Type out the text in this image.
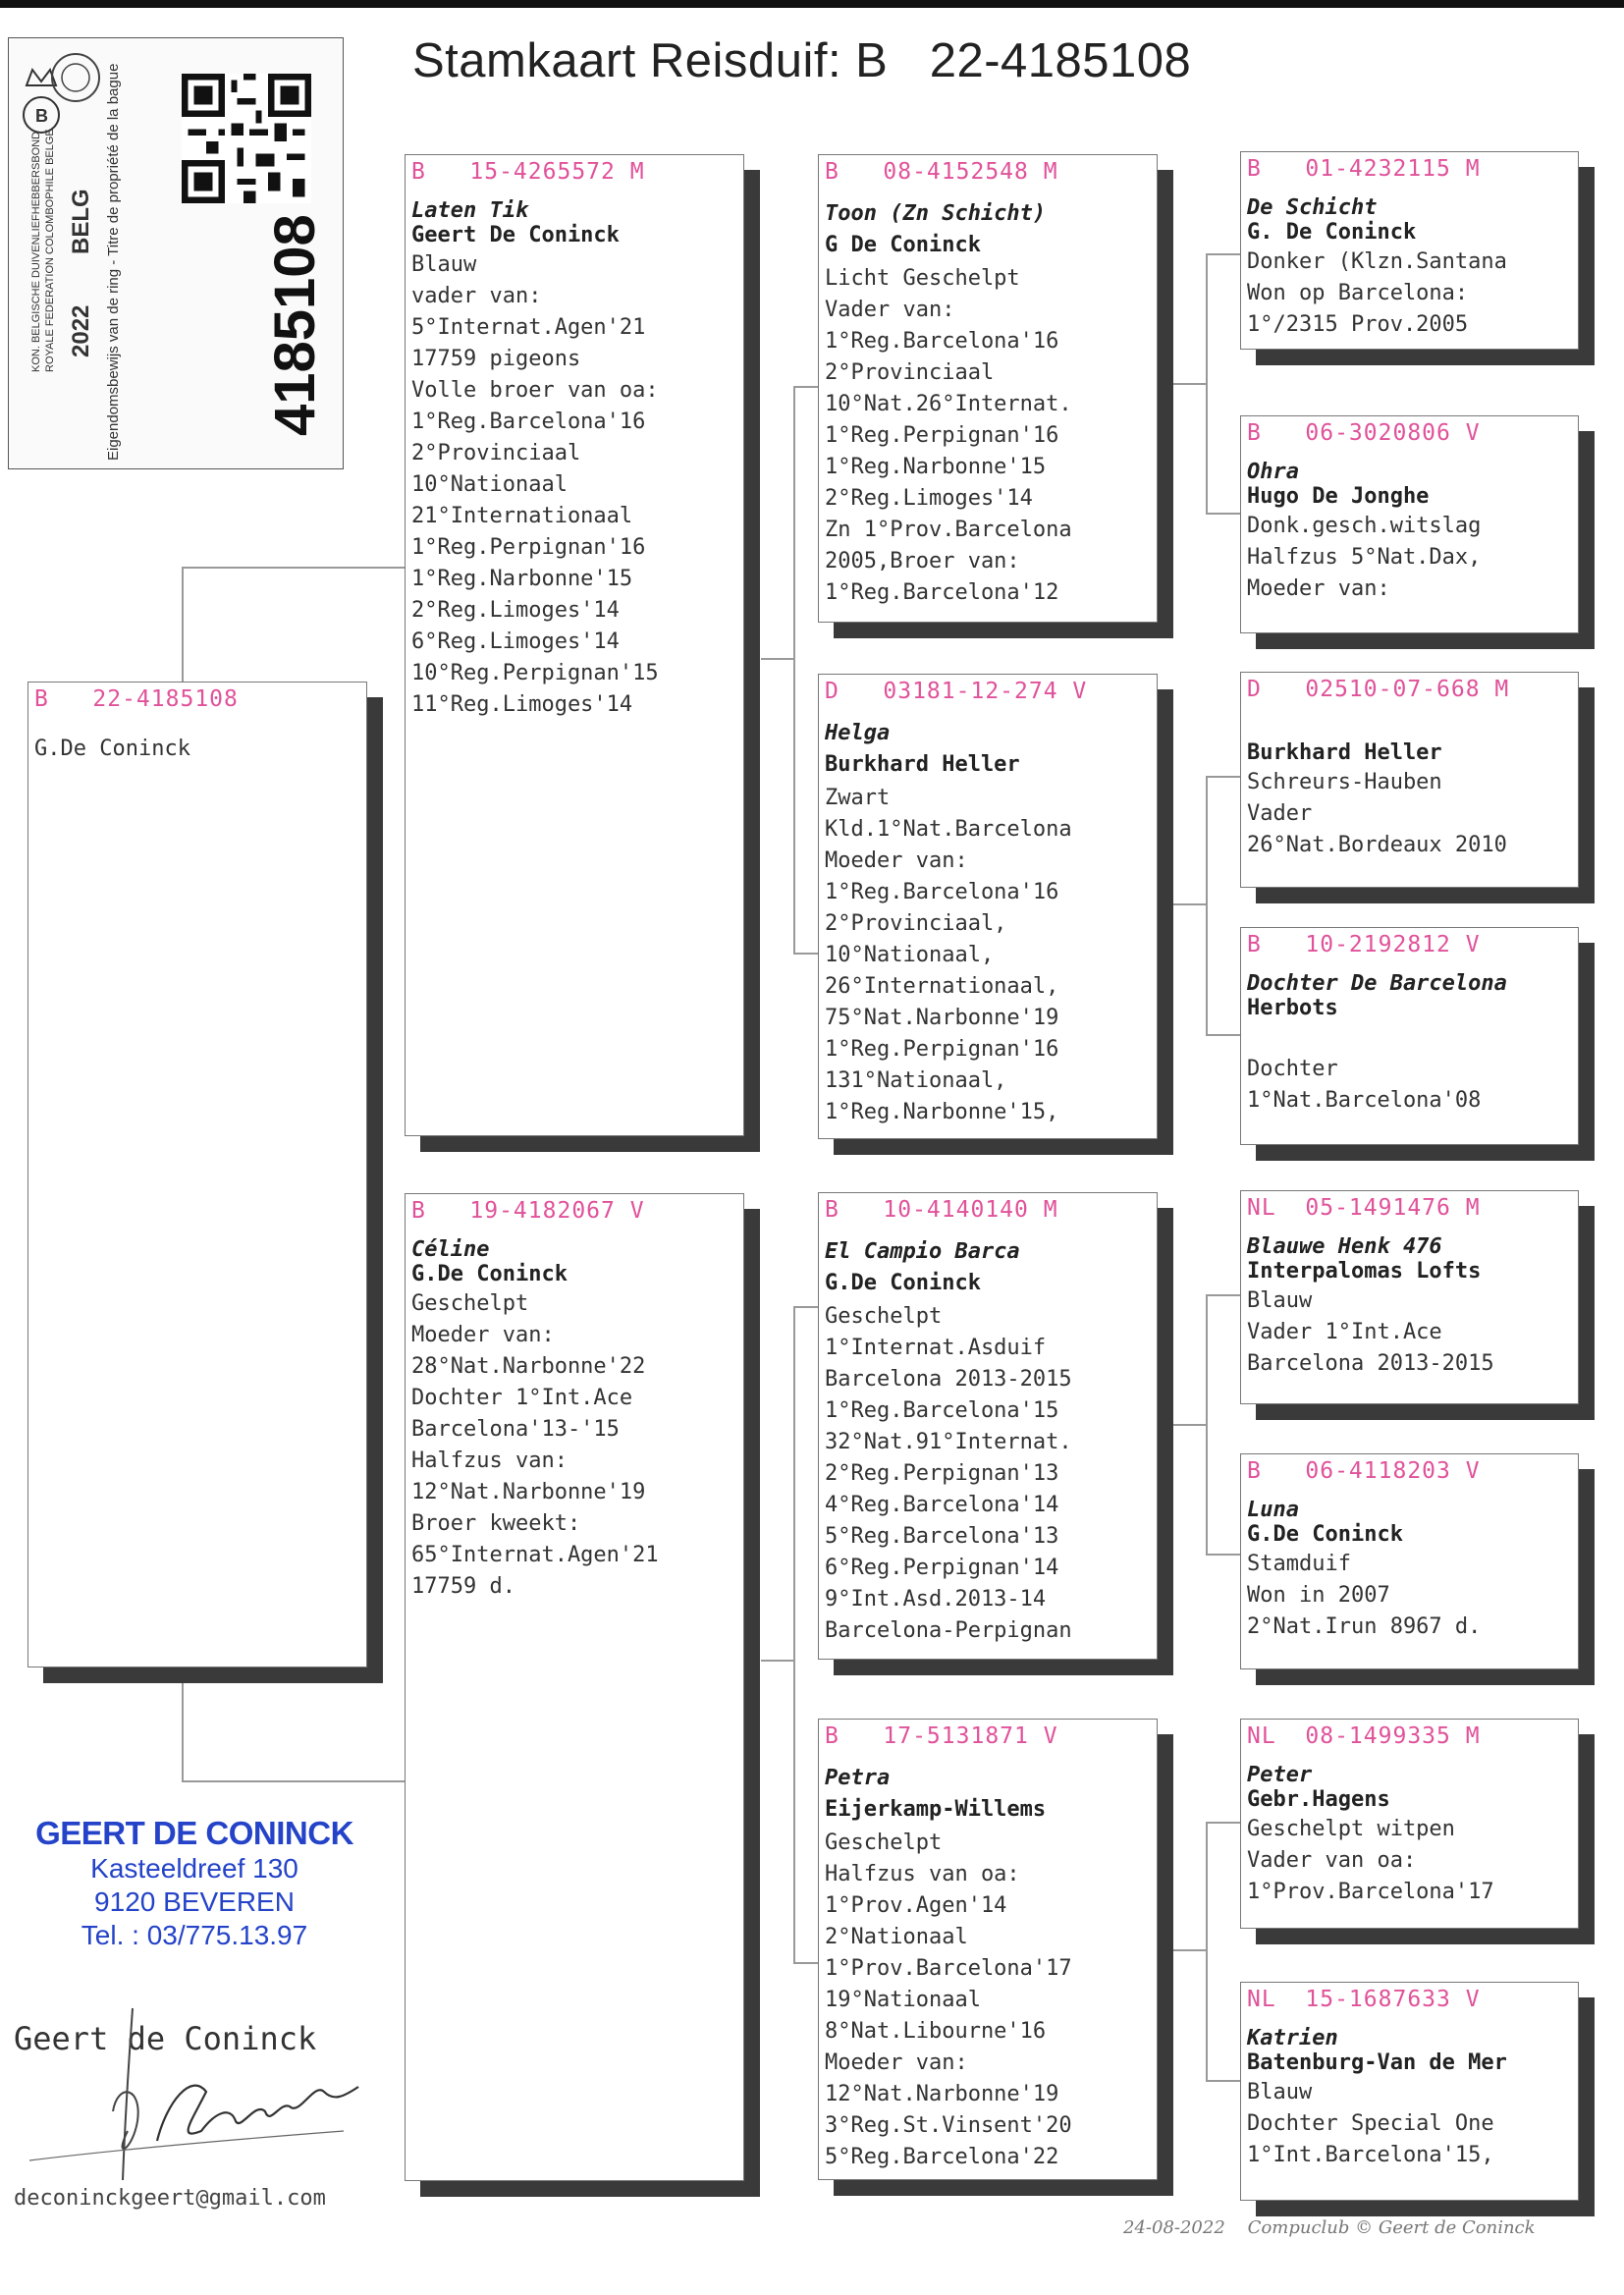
B
KON. BELGISCHE DUIVENLIEFHEBBERSBOND ROYALE FEDERATION COLOMBOPHILE BELGE 2022
BELG Eigendomsbewijs van de ring - Titre de propriété de la bague 4185108
Stamkaart Reisduif: B   22-4185108
B   22-4185108
G.De Coninck
B   15-4265572 M
Laten Tik
Geert De Coninck
Blauw
vader van:
5°Internat.Agen'21
17759 pigeons
Volle broer van oa:
1°Reg.Barcelona'16
2°Provinciaal
10°Nationaal
21°Internationaal
1°Reg.Perpignan'16
1°Reg.Narbonne'15
2°Reg.Limoges'14
6°Reg.Limoges'14
10°Reg.Perpignan'15
11°Reg.Limoges'14
B   19-4182067 V
Céline
G.De Coninck
Geschelpt
Moeder van:
28°Nat.Narbonne'22
Dochter 1°Int.Ace
Barcelona'13-'15
Halfzus van:
12°Nat.Narbonne'19
Broer kweekt:
65°Internat.Agen'21
17759 d.
B   08-4152548 M
Toon (Zn Schicht)
G De Coninck
Licht Geschelpt
Vader van:
1°Reg.Barcelona'16
2°Provinciaal
10°Nat.26°Internat.
1°Reg.Perpignan'16
1°Reg.Narbonne'15
2°Reg.Limoges'14
Zn 1°Prov.Barcelona
2005,Broer van:
1°Reg.Barcelona'12
D   03181-12-274 V
Helga
Burkhard Heller
Zwart
Kld.1°Nat.Barcelona
Moeder van:
1°Reg.Barcelona'16
2°Provinciaal,
10°Nationaal,
26°Internationaal,
75°Nat.Narbonne'19
1°Reg.Perpignan'16
131°Nationaal,
1°Reg.Narbonne'15,
B   10-4140140 M
El Campio Barca
G.De Coninck
Geschelpt
1°Internat.Asduif
Barcelona 2013-2015
1°Reg.Barcelona'15
32°Nat.91°Internat.
2°Reg.Perpignan'13
4°Reg.Barcelona'14
5°Reg.Barcelona'13
6°Reg.Perpignan'14
9°Int.Asd.2013-14
Barcelona-Perpignan
B   17-5131871 V
Petra
Eijerkamp-Willems
Geschelpt
Halfzus van oa:
1°Prov.Agen'14
2°Nationaal
1°Prov.Barcelona'17
19°Nationaal
8°Nat.Libourne'16
Moeder van:
12°Nat.Narbonne'19
3°Reg.St.Vinsent'20
5°Reg.Barcelona'22
B   01-4232115 M
De Schicht
G. De Coninck
Donker (Klzn.Santana
Won op Barcelona:
1°/2315 Prov.2005
B   06-3020806 V
Ohra
Hugo De Jonghe
Donk.gesch.witslag
Halfzus 5°Nat.Dax,
Moeder van:
D   02510-07-668 M

Burkhard Heller
Schreurs-Hauben
Vader
26°Nat.Bordeaux 2010
B   10-2192812 V
Dochter De Barcelona
Herbots

Dochter
1°Nat.Barcelona'08
NL  05-1491476 M
Blauwe Henk 476
Interpalomas Lofts
Blauw
Vader 1°Int.Ace
Barcelona 2013-2015
B   06-4118203 V
Luna
G.De Coninck
Stamduif
Won in 2007
2°Nat.Irun 8967 d.
NL  08-1499335 M
Peter
Gebr.Hagens
Geschelpt witpen
Vader van oa:
1°Prov.Barcelona'17
NL  15-1687633 V
Katrien
Batenburg-Van de Mer
Blauw
Dochter Special One
1°Int.Barcelona'15,
GEERT DE CONINCK
Kasteeldreef 130
9120 BEVEREN
Tel. : 03/775.13.97
Geert de Coninck
deconinckgeert@gmail.com
24-08-2022 Compuclub © Geert de Coninck
